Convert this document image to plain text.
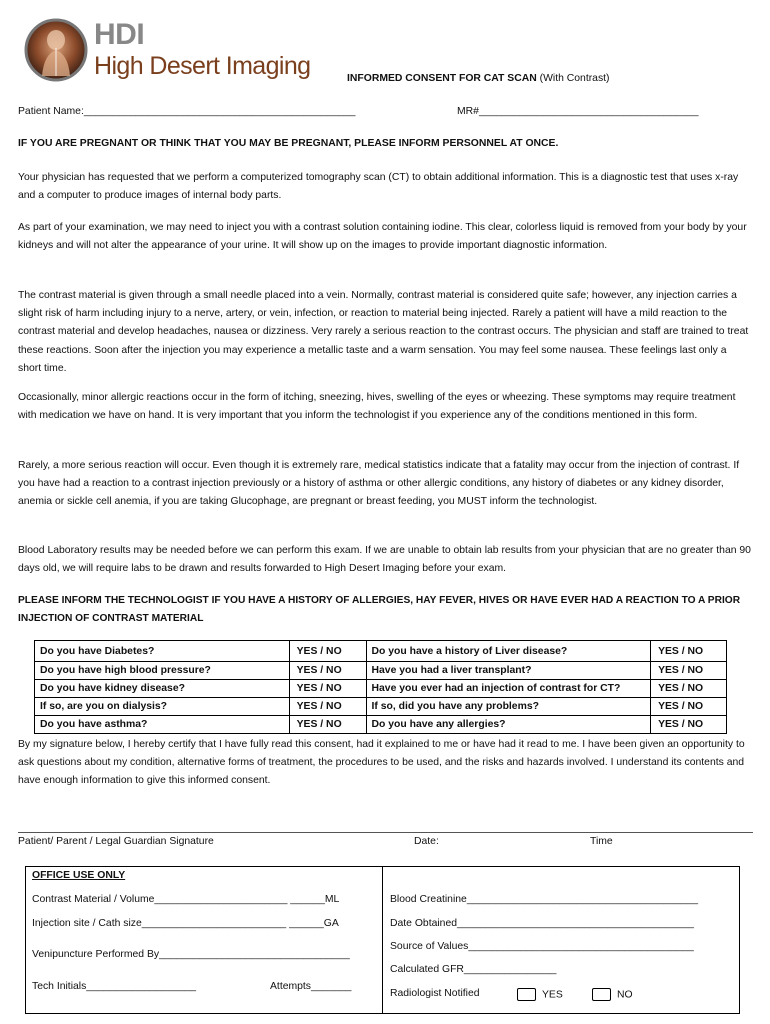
HDI
High Desert Imaging	INFORMED CONSENT FOR CAT SCAN (With Contrast)
Patient Name:_______________________________________________	MR#______________________________________
IF YOU ARE PREGNANT OR THINK THAT YOU MAY BE PREGNANT, PLEASE INFORM PERSONNEL AT ONCE.

Your physician has requested that we perform a computerized tomography scan (CT) to obtain additional information. This is a diagnostic test that uses x-ray and a computer to produce images of internal body parts.

As part of your examination, we may need to inject you with a contrast solution containing iodine. This clear, colorless liquid is removed from your body by your kidneys and will not alter the appearance of your urine. It will show up on the images to provide important diagnostic information.

The contrast material is given through a small needle placed into a vein. Normally, contrast material is considered quite safe; however, any injection carries a slight risk of harm including injury to a nerve, artery, or vein, infection, or reaction to material being injected. Rarely a patient will have a mild reaction to the contrast material and develop headaches, nausea or dizziness. Very rarely a serious reaction to the contrast occurs. The physician and staff are trained to treat these reactions. Soon after the injection you may experience a metallic taste and a warm sensation. You may feel some nausea. These feelings last only a short time.

Occasionally, minor allergic reactions occur in the form of itching, sneezing, hives, swelling of the eyes or wheezing. These symptoms may require treatment with medication we have on hand. It is very important that you inform the technologist if you experience any of the conditions mentioned in this form.

Rarely, a more serious reaction will occur. Even though it is extremely rare, medical statistics indicate that a fatality may occur from the injection of contrast. If you have had a reaction to a contrast injection previously or a history of asthma or other allergic conditions, any history of diabetes or any kidney disorder, anemia or sickle cell anemia, if you are taking Glucophage, are pregnant or breast feeding, you MUST inform the technologist.

Blood Laboratory results may be needed before we can perform this exam. If we are unable to obtain lab results from your physician that are no greater than 90 days old, we will require labs to be drawn and results forwarded to High Desert Imaging before your exam.

PLEASE INFORM THE TECHNOLOGIST IF YOU HAVE A HISTORY OF ALLERGIES, HAY FEVER, HIVES OR HAVE EVER HAD A REACTION TO A PRIOR INJECTION OF CONTRAST MATERIAL

Do you have Diabetes?	YES / NO	Do you have a history of Liver disease?	YES / NO
Do you have high blood pressure?	YES / NO	Have you had a liver transplant?	YES / NO
Do you have kidney disease?	YES / NO	Have you ever had an injection of contrast for CT?	YES / NO
If so, are you on dialysis?	YES / NO	If so, did you have any problems?	YES / NO
Do you have asthma?	YES / NO	Do you have any allergies?	YES / NO

By my signature below, I hereby certify that I have fully read this consent, had it explained to me or have had it read to me. I have been given an opportunity to ask questions about my condition, alternative forms of treatment, the procedures to be used, and the risks and hazards involved. I understand its contents and have enough information to give this informed consent.

Patient/ Parent / Legal Guardian Signature	Date:	Time
OFFICE USE ONLY
Contrast Material / Volume_______________________ ______ML
Injection site / Cath size_________________________ ______GA
Venipuncture Performed By_________________________________
Tech Initials___________________	Attempts_______
Blood Creatinine________________________________________
Date Obtained_________________________________________
Source of Values_______________________________________
Calculated GFR________________
Radiologist Notified	YES	NO
